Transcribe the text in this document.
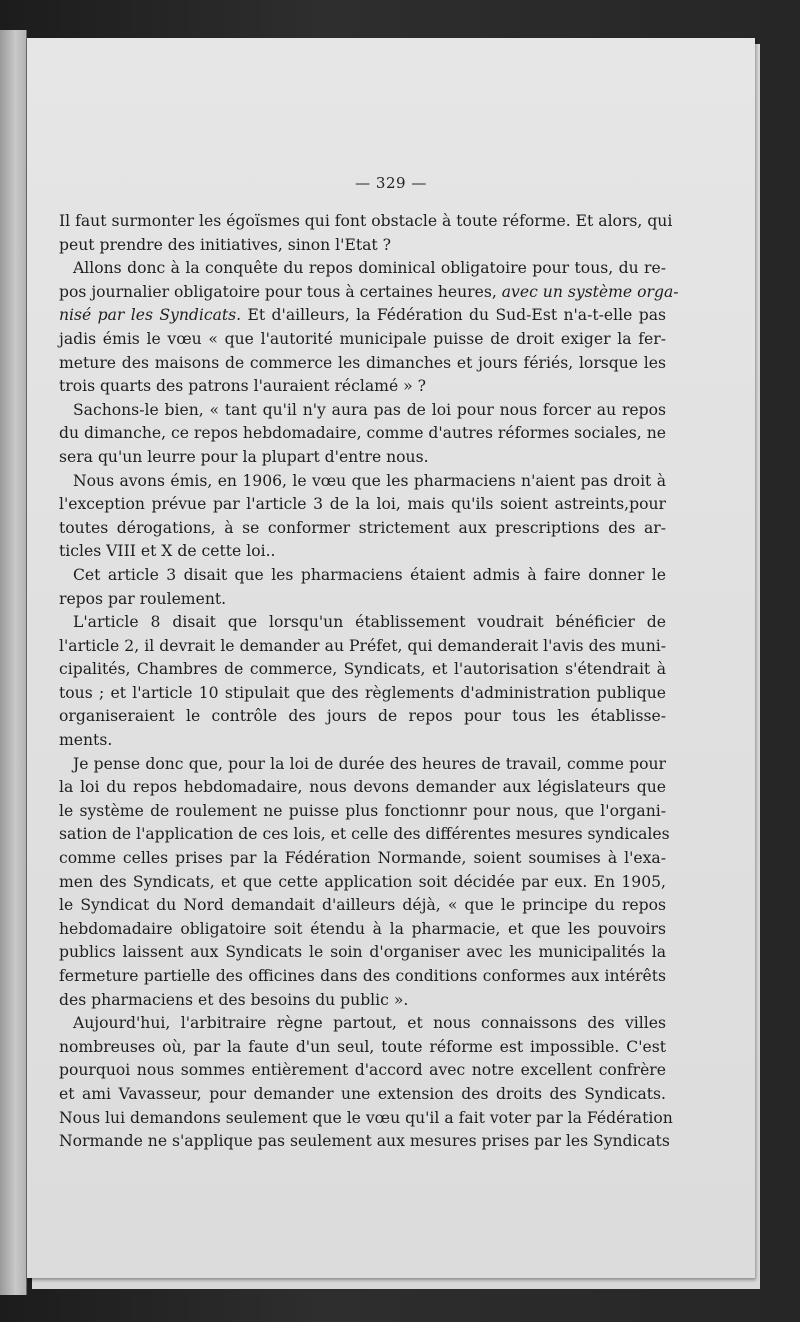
— 329 —
Il faut surmonter les égoïsmes qui font obstacle à toute réforme. Et alors, qui
peut prendre des initiatives, sinon l'Etat ?
Allons donc à la conquête du repos dominical obligatoire pour tous, du re-
pos journalier obligatoire pour tous à certaines heures, avec un système orga-
nisé par les Syndicats. Et d'ailleurs, la Fédération du Sud-Est n'a-t-elle pas
jadis émis le vœu « que l'autorité municipale puisse de droit exiger la fer-
meture des maisons de commerce les dimanches et jours fériés, lorsque les
trois quarts des patrons l'auraient réclamé » ?
Sachons-le bien, « tant qu'il n'y aura pas de loi pour nous forcer au repos
du dimanche, ce repos hebdomadaire, comme d'autres réformes sociales, ne
sera qu'un leurre pour la plupart d'entre nous.
Nous avons émis, en 1906, le vœu que les pharmaciens n'aient pas droit à
l'exception prévue par l'article 3 de la loi, mais qu'ils soient astreints,pour
toutes dérogations, à se conformer strictement aux prescriptions des ar-
ticles VIII et X de cette loi..
Cet article 3 disait que les pharmaciens étaient admis à faire donner le
repos par roulement.
L'article 8 disait que lorsqu'un établissement voudrait bénéficier de
l'article 2, il devrait le demander au Préfet, qui demanderait l'avis des muni-
cipalités, Chambres de commerce, Syndicats, et l'autorisation s'étendrait à
tous ; et l'article 10 stipulait que des règlements d'administration publique
organiseraient le contrôle des jours de repos pour tous les établisse-
ments.
Je pense donc que, pour la loi de durée des heures de travail, comme pour
la loi du repos hebdomadaire, nous devons demander aux législateurs que
le système de roulement ne puisse plus fonctionnr pour nous, que l'organi-
sation de l'application de ces lois, et celle des différentes mesures syndicales
comme celles prises par la Fédération Normande, soient soumises à l'exa-
men des Syndicats, et que cette application soit décidée par eux. En 1905,
le Syndicat du Nord demandait d'ailleurs déjà, « que le principe du repos
hebdomadaire obligatoire soit étendu à la pharmacie, et que les pouvoirs
publics laissent aux Syndicats le soin d'organiser avec les municipalités la
fermeture partielle des officines dans des conditions conformes aux intérêts
des pharmaciens et des besoins du public ».
Aujourd'hui, l'arbitraire règne partout, et nous connaissons des villes
nombreuses où, par la faute d'un seul, toute réforme est impossible. C'est
pourquoi nous sommes entièrement d'accord avec notre excellent confrère
et ami Vavasseur, pour demander une extension des droits des Syndicats.
Nous lui demandons seulement que le vœu qu'il a fait voter par la Fédération
Normande ne s'applique pas seulement aux mesures prises par les Syndicats
